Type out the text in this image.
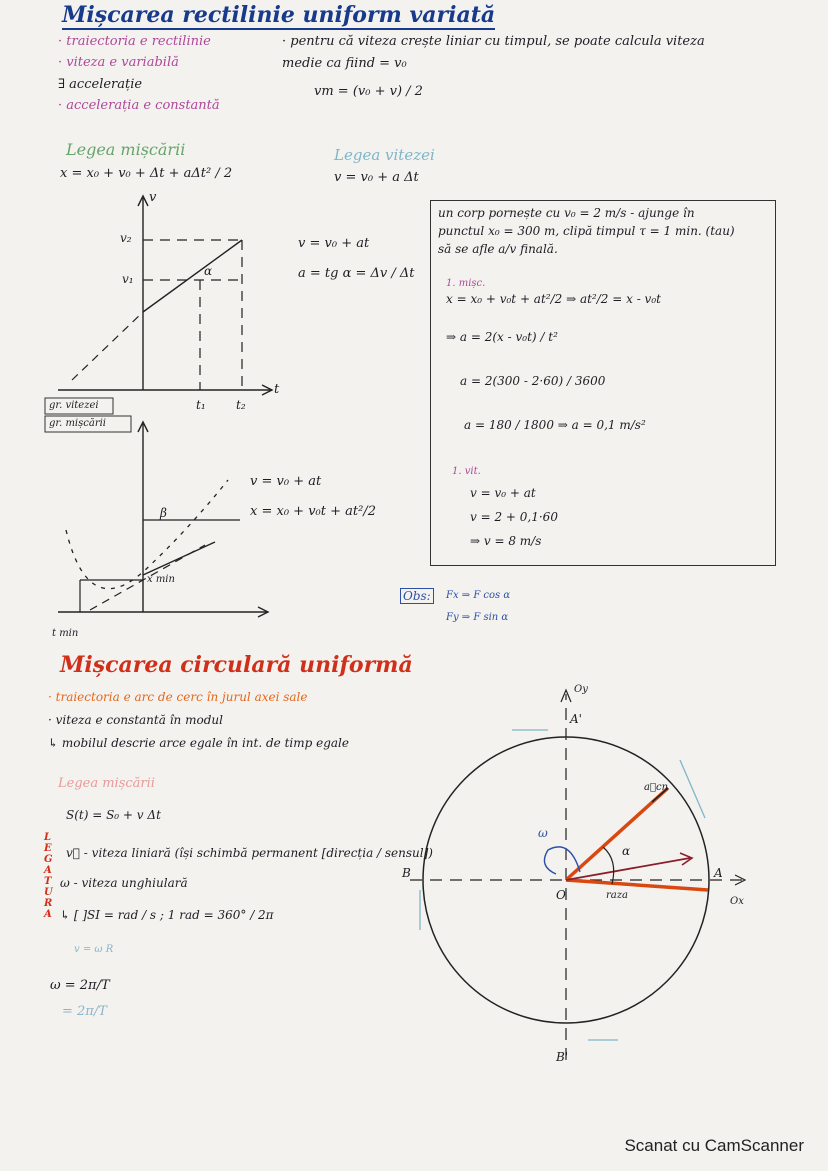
Mișcarea rectilinie uniform variată
· traiectoria e rectilinie
· viteza e variabilă
∃ accelerație
· accelerația e constantă
· pentru că viteza crește liniar cu timpul, se poate calcula viteza
medie ca fiind = v₀
vm = (v₀ + v) / 2
Legea mișcării
x = x₀ + v₀ + Δt + aΔt² / 2
Legea vitezei
v = v₀ + a Δt
v
v₂
v₁
α
t₁	t₂
t
v = v₀ + at
a = tg α = Δv / Δt
gr. vitezei
gr. mișcării
β
v = v₀ + at
x = x₀ + v₀t + at²/2
x min
t min
un corp pornește cu v₀ = 2 m/s - ajunge în
punctul x₀ = 300 m, clipă timpul τ = 1 min. (tau)
să se afle a/v finală.
1. mișc.
x = x₀ + v₀t + at²/2 ⇒ at²/2 = x - v₀t
⇒ a = 2(x - v₀t) / t²
a = 2(300 - 2·60) / 3600
a = 180 / 1800 ⇒ a = 0,1 m/s²
1. vit.
v = v₀ + at
v = 2 + 0,1·60
⇒ v = 8 m/s
Obs:	Fx ⇒ F cos α
Fy ⇒ F sin α
Mișcarea circulară uniformă
· traiectoria e arc de cerc în jurul axei sale
· viteza e constantă în modul
↳ mobilul descrie arce egale în int. de timp egale
Legea mișcării
S(t) = S₀ + v Δt
LEGATURA
v⃗ - viteza liniară (își schimbă permanent [direcția / sensul])
ω - viteza unghiulară
↳ [ ]SI = rad / s ; 1 rad = 360° / 2π
v = ω R
ω = 2π/T
= 2π/T
Oy
A'
B
B'
A
Ox
O	raza
α
ω
a⃗cn
Scanat cu CamScanner
